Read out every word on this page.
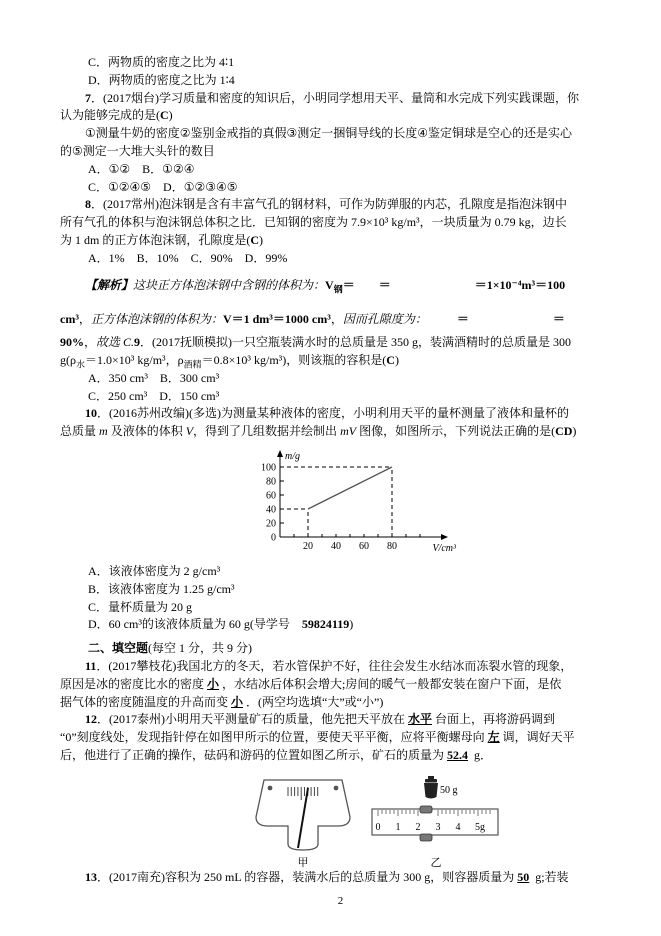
C．两物质的密度之比为 4∶1
D．两物质的密度之比为 1∶4
7．(2017烟台)学习质量和密度的知识后，小明同学想用天平、量筒和水完成下列实践课题，你
认为能够完成的是(C)
①测量牛奶的密度②鉴别金戒指的真假③测定一捆铜导线的长度④鉴定铜球是空心的还是实心
的⑤测定一大堆大头针的数目
A．①②　B．①②④
C．①②④⑤　D．①②③④⑤
8．(2017常州)泡沫钢是含有丰富气孔的钢材料，可作为防弹服的内芯，孔隙度是指泡沫钢中
所有气孔的体积与泡沫钢总体积之比．已知钢的密度为 7.9×10³ kg/m³，一块质量为 0.79 kg，边长
为 1 dm 的正方体泡沫钢，孔隙度是(C)
A．1%　B．10%　C．90%　D．99%
【解析】这块正方体泡沫钢中含钢的体积为：$V_钢=$　　＝　　　　　　　＝1×10⁻⁴m³＝100
cm³，正方体泡沫钢的体积为：V＝1 dm³＝1000 cm³，因而孔隙度为：　　　＝　　　　　　　＝
90%，故选 C.9．(2017抚顺模拟)一只空瓶装满水时的总质量是 350 g，装满酒精时的总质量是 300
$g(\rho_水=1.0\times 10^3$ kg/m³，$\rho_{酒精}=0.8\times 10^3$ kg/m³)，则该瓶的容积是(C)
A．350 cm³　B．300 cm³
C．250 cm³　D．150 cm³
10．(2016苏州改编)(多选)为测量某种液体的密度，小明利用天平的量杯测量了液体和量杯的
总质量 m 及液体的体积 V，得到了几组数据并绘制出 mV 图像，如图所示，下列说法正确的是(CD)
20 40 60 80
0
20
40
60
80
100
m/g
V/cm³
A．该液体密度为 2 g/cm³
B．该液体密度为 1.25 g/cm³
C．量杯质量为 20 g
D．60 cm³的该液体质量为 60 g(导学号　59824119)
二、填空题(每空 1 分，共 9 分)
11．(2017攀枝花)我国北方的冬天，若水管保护不好，往往会发生水结冰而冻裂水管的现象，
原因是冰的密度比水的密度 小 ，水结冰后体积会增大;房间的暖气一般都安装在窗户下面，是依
据气体的密度随温度的升高而变 小 ．(两空均选填“大”或“小”)
12．(2017泰州)小明用天平测量矿石的质量，他先把天平放在 水平 台面上，再将游码调到
“0”刻度线处，发现指针停在如图甲所示的位置，要使天平平衡，应将平衡螺母向 左 调，调好天平
后，他进行了正确的操作，砝码和游码的位置如图乙所示，矿石的质量为 52.4 g．
甲
50 g
0 1 2 3 4 5g
乙
13．(2017南充)容积为 250 mL 的容器，装满水后的总质量为 300 g，则容器质量为 50 g;若装
2
